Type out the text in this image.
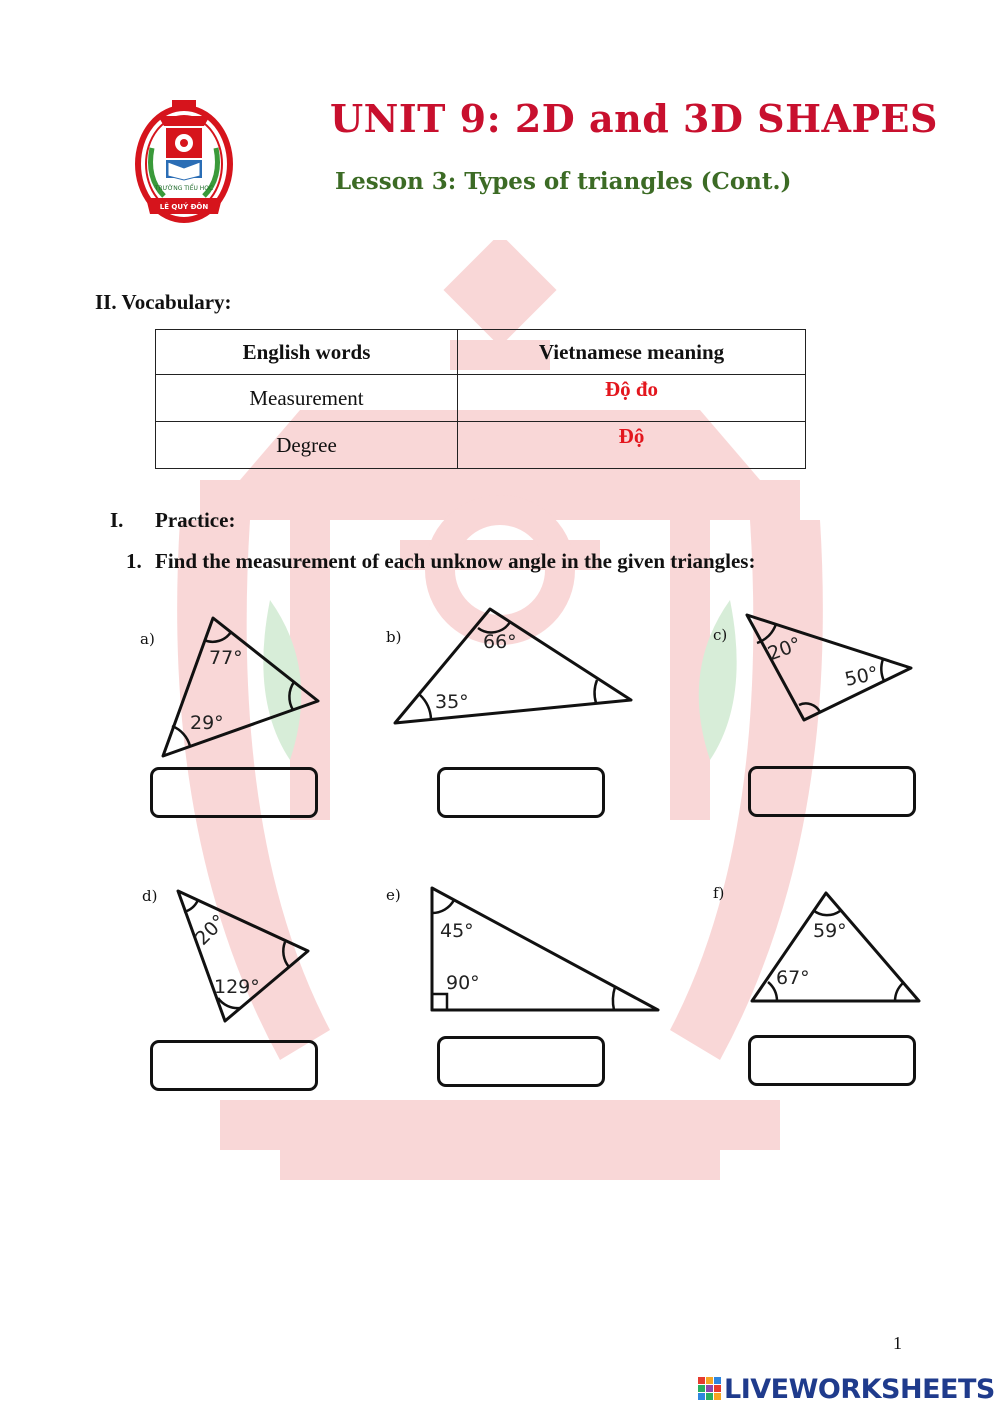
TRƯỜNG TIỂU HỌC
LÊ QUÝ ĐÔN
UNIT 9: 2D and 3D SHAPES
Lesson 3: Types of triangles (Cont.)
II. Vocabulary:
English words	Vietnamese meaning
Measurement	Độ đo
Degree	Độ
I. Practice:
1. Find the measurement of each unknow angle in the given triangles:
a)	b)	c)
d)	e)	f)
77°
29°
66°
35°
20°
50°
20°
129°
45°
90°
59°
67°
1
LIVEWORKSHEETS
